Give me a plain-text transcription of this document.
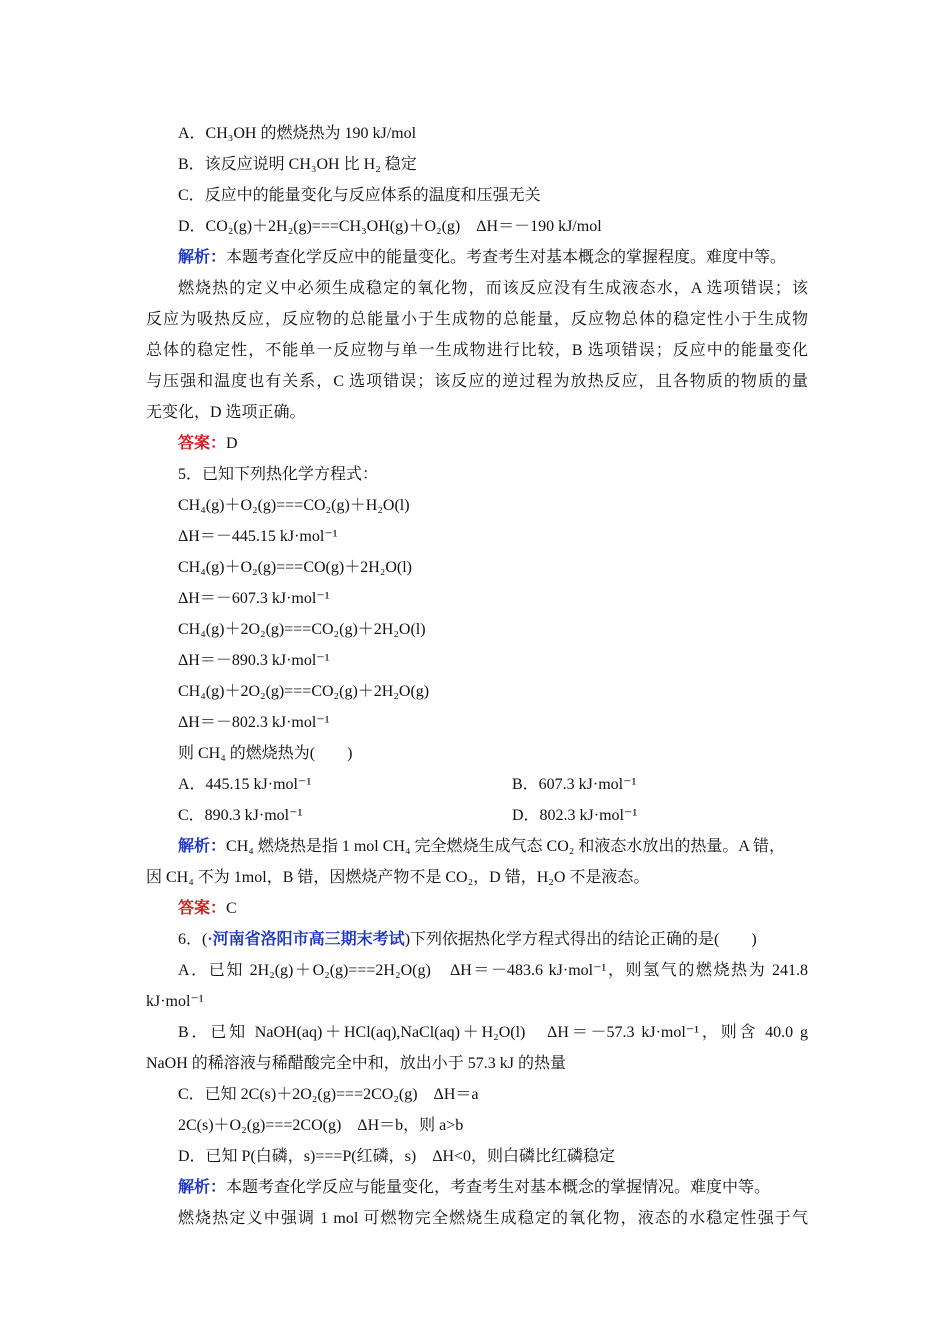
A．CH₃OH 的燃烧热为 190 kJ/mol
B．该反应说明 CH₃OH 比 H₂ 稳定
C．反应中的能量变化与反应体系的温度和压强无关
D．CO₂(g)＋2H₂(g)===CH₃OH(g)＋O₂(g)　ΔH＝－190 kJ/mol
解析：本题考查化学反应中的能量变化。考查考生对基本概念的掌握程度。难度中等。
燃烧热的定义中必须生成稳定的氧化物，而该反应没有生成液态水，A 选项错误；该
反应为吸热反应，反应物的总能量小于生成物的总能量，反应物总体的稳定性小于生成物
总体的稳定性，不能单一反应物与单一生成物进行比较，B 选项错误；反应中的能量变化
与压强和温度也有关系，C 选项错误；该反应的逆过程为放热反应，且各物质的物质的量
无变化，D 选项正确。
答案：D
5．已知下列热化学方程式：
CH₄(g)＋O₂(g)===CO₂(g)＋H₂O(l)
ΔH＝－445.15 kJ·mol⁻¹
CH₄(g)＋O₂(g)===CO(g)＋2H₂O(l)
ΔH＝－607.3 kJ·mol⁻¹
CH₄(g)＋2O₂(g)===CO₂(g)＋2H₂O(l)
ΔH＝－890.3 kJ·mol⁻¹
CH₄(g)＋2O₂(g)===CO₂(g)＋2H₂O(g)
ΔH＝－802.3 kJ·mol⁻¹
则 CH₄ 的燃烧热为(　　)
A．445.15 kJ·mol⁻¹	B．607.3 kJ·mol⁻¹
C．890.3 kJ·mol⁻¹	D．802.3 kJ·mol⁻¹
解析：CH₄ 燃烧热是指 1 mol CH₄ 完全燃烧生成气态 CO₂ 和液态水放出的热量。A 错，
因 CH₄ 不为 1mol，B 错，因燃烧产物不是 CO₂，D 错，H₂O 不是液态。
答案：C
6．(·河南省洛阳市高三期末考试)下列依据热化学方程式得出的结论正确的是(　　)
A．已知 2H₂(g)＋O₂(g)===2H₂O(g)　ΔH＝－483.6 kJ·mol⁻¹，则氢气的燃烧热为 241.8
kJ·mol⁻¹
B．已知 NaOH(aq)＋HCl(aq),NaCl(aq)＋H₂O(l)　ΔH＝－57.3 kJ·mol⁻¹，则含 40.0 g
NaOH 的稀溶液与稀醋酸完全中和，放出小于 57.3 kJ 的热量
C．已知 2C(s)＋2O₂(g)===2CO₂(g)　ΔH＝a
2C(s)＋O₂(g)===2CO(g)　ΔH＝b，则 a>b
D．已知 P(白磷，s)===P(红磷，s)　ΔH<0，则白磷比红磷稳定
解析：本题考查化学反应与能量变化，考查考生对基本概念的掌握情况。难度中等。
燃烧热定义中强调 1 mol 可燃物完全燃烧生成稳定的氧化物，液态的水稳定性强于气
